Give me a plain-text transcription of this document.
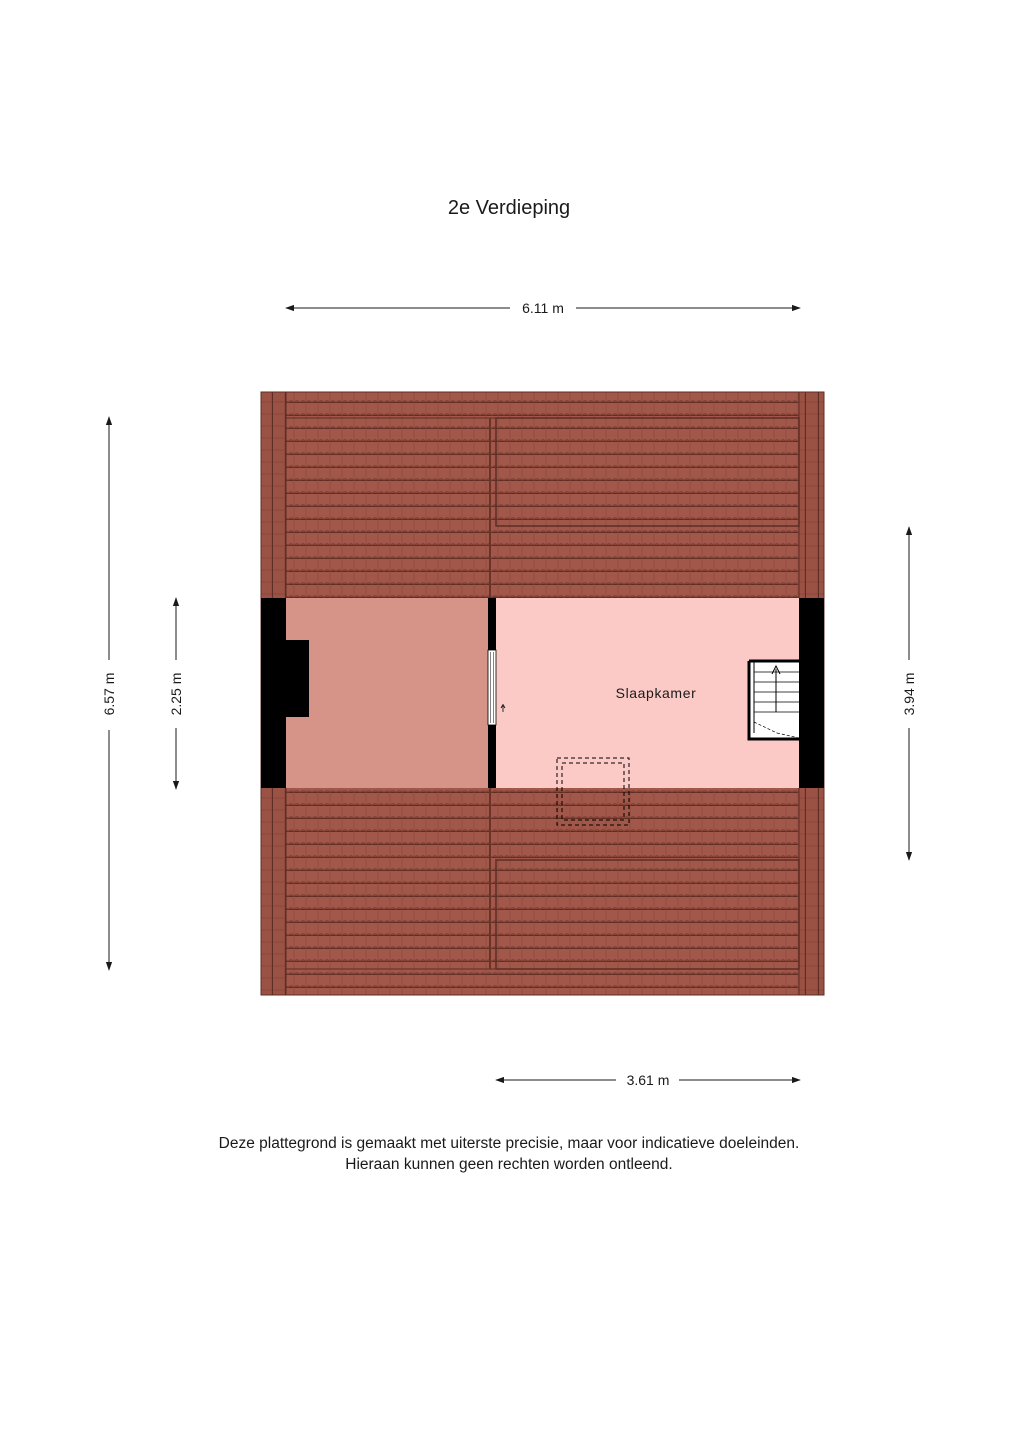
2e Verdieping
Slaapkamer
6.11 m
3.61 m
6.57 m	2.25 m	3.94 m
Deze plattegrond is gemaakt met uiterste precisie, maar voor indicatieve doeleinden.
Hieraan kunnen geen rechten worden ontleend.
